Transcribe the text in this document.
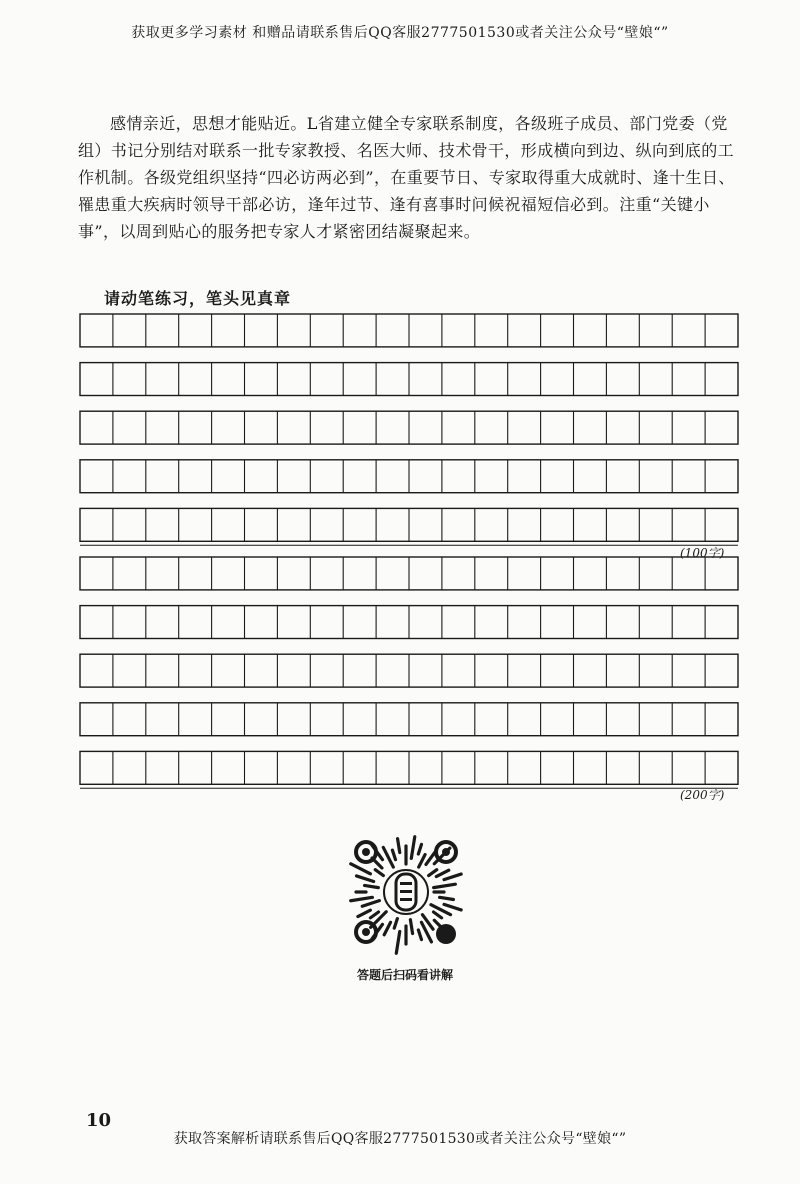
获取更多学习素材 和赠品请联系售后QQ客服2777501530或者关注公众号“壁娘“”

感情亲近，思想才能贴近。L省建立健全专家联系制度，各级班子成员、部门党委（党组）书记分别结对联系一批专家教授、名医大师、技术骨干，形成横向到边、纵向到底的工作机制。各级党组织坚持“四必访两必到”，在重要节日、专家取得重大成就时、逢十生日、罹患重大疾病时领导干部必访，逢年过节、逢有喜事时问候祝福短信必到。注重“关键小事”，以周到贴心的服务把专家人才紧密团结凝聚起来。

请动笔练习，笔头见真章
(100字)
(200字)
答题后扫码看讲解
10
获取答案解析请联系售后QQ客服2777501530或者关注公众号“壁娘“”
